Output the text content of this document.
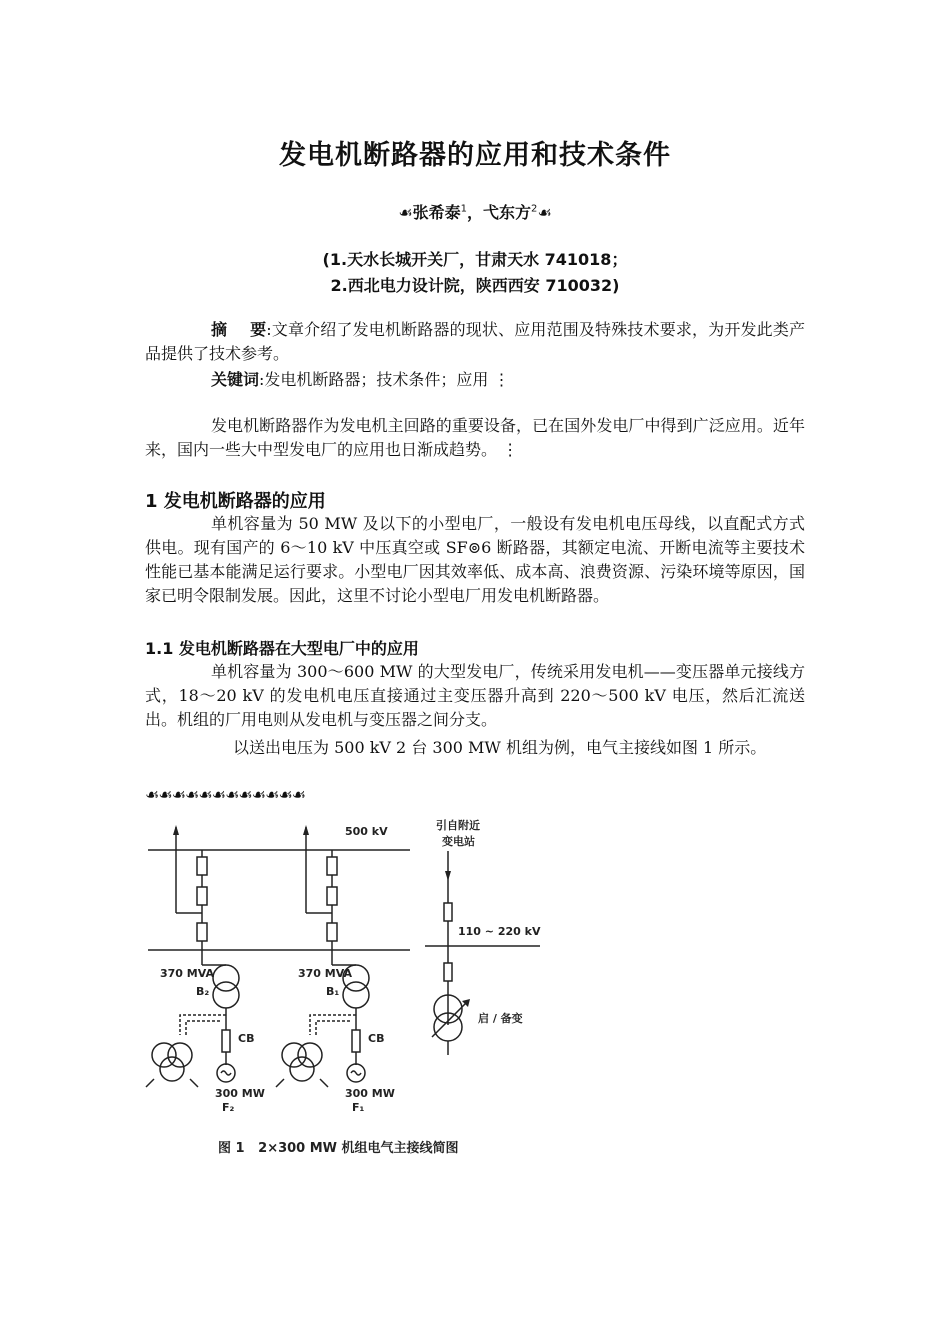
发电机断路器的应用和技术条件
☙张希泰$^1$，弋东方$^2$☙
(1.天水长城开关厂，甘肃天水 741018；
2.西北电力设计院，陕西西安 710032)
摘    要:文章介绍了发电机断路器的现状、应用范围及特殊技术要求，为开发此类产品提供了技术参考。
关键词:发电机断路器；技术条件；应用 ⋮
发电机断路器作为发电机主回路的重要设备，已在国外发电厂中得到广泛应用。近年来，国内一些大中型发电厂的应用也日渐成趋势。 ⋮
1 发电机断路器的应用
单机容量为 50 MW 及以下的小型电厂，一般设有发电机电压母线，以直配式方式供电。现有国产的 6～10 kV 中压真空或 SF⊚6 断路器，其额定电流、开断电流等主要技术性能已基本能满足运行要求。小型电厂因其效率低、成本高、浪费资源、污染环境等原因，国家已明令限制发展。因此，这里不讨论小型电厂用发电机断路器。
1.1 发电机断路器在大型电厂中的应用
单机容量为 300～600 MW 的大型发电厂，传统采用发电机——变压器单元接线方式，18～20 kV 的发电机电压直接通过主变压器升高到 220～500 kV 电压，然后汇流送出。机组的厂用电则从发电机与变压器之间分支。
以送出电压为 500 kV 2 台 300 MW 机组为例，电气主接线如图 1 所示。
☙☙☙☙☙☙☙☙☙☙☙☙
500 kV
370 MVA
B₂
CB
300 MW
F₂
370 MVA
B₁
CB
300 MW
F₁
引自附近
变电站
110 ~ 220 kV
启 / 备变
图 1   2×300 MW 机组电气主接线简图
